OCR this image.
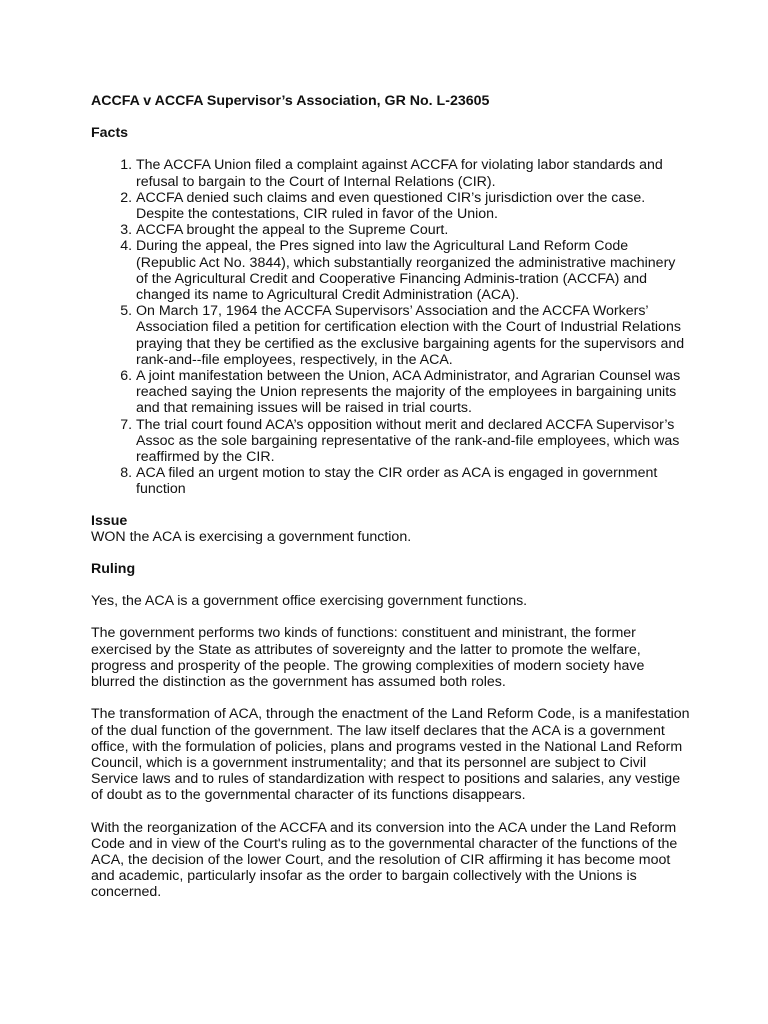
ACCFA v ACCFA Supervisor’s Association, GR No. L-23605

Facts

1. The ACCFA Union filed a complaint against ACCFA for violating labor standards and refusal to bargain to the Court of Internal Relations (CIR).
2. ACCFA denied such claims and even questioned CIR’s jurisdiction over the case. Despite the contestations, CIR ruled in favor of the Union.
3. ACCFA brought the appeal to the Supreme Court.
4. During the appeal, the Pres signed into law the Agricultural Land Reform Code (Republic Act No. 3844), which substantially reorganized the administrative machinery of the Agricultural Credit and Cooperative Financing Adminis-tration (ACCFA) and changed its name to Agricultural Credit Administration (ACA).
5. On March 17, 1964 the ACCFA Supervisors’ Association and the ACCFA Workers’ Association filed a petition for certification election with the Court of Industrial Relations praying that they be certified as the exclusive bargaining agents for the supervisors and rank-and--file employees, respectively, in the ACA.
6. A joint manifestation between the Union, ACA Administrator, and Agrarian Counsel was reached saying the Union represents the majority of the employees in bargaining units and that remaining issues will be raised in trial courts.
7. The trial court found ACA’s opposition without merit and declared ACCFA Supervisor’s Assoc as the sole bargaining representative of the rank-and-file employees, which was reaffirmed by the CIR.
8. ACA filed an urgent motion to stay the CIR order as ACA is engaged in government function

Issue

WON the ACA is exercising a government function.

Ruling

Yes, the ACA is a government office exercising government functions.

The government performs two kinds of functions: constituent and ministrant, the former exercised by the State as attributes of sovereignty and the latter to promote the welfare, progress and prosperity of the people. The growing complexities of modern society have blurred the distinction as the government has assumed both roles.

The transformation of ACA, through the enactment of the Land Reform Code, is a manifestation of the dual function of the government. The law itself declares that the ACA is a government office, with the formulation of policies, plans and programs vested in the National Land Reform Council, which is a government instrumentality; and that its personnel are subject to Civil Service laws and to rules of standardization with respect to positions and salaries, any vestige of doubt as to the governmental character of its functions disappears.

With the reorganization of the ACCFA and its conversion into the ACA under the Land Reform Code and in view of the Court's ruling as to the governmental character of the functions of the ACA, the decision of the lower Court, and the resolution of CIR affirming it has become moot and academic, particularly insofar as the order to bargain collectively with the Unions is concerned.
